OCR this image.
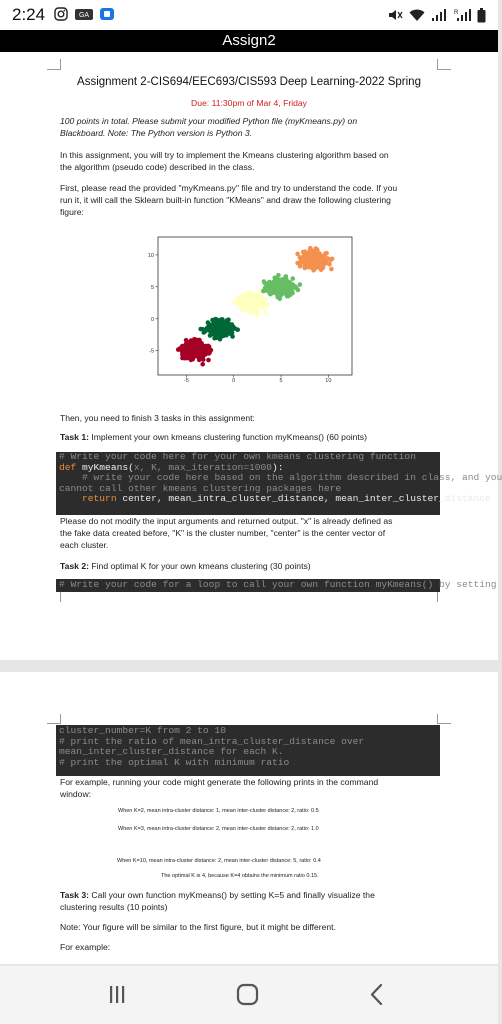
2:24	GA	R
Assign2
Assignment 2-CIS694/EEC693/CIS593 Deep Learning-2022 Spring
Due: 11:30pm of Mar 4, Friday
100 points in total. Please submit your modified Python file (myKmeans.py) on
Blackboard. Note: The Python version is Python 3.
In this assignment, you will try to implement the Kmeans clustering algorithm based on
the algorithm (pseudo code) described in the class.
First, please read the provided "myKmeans.py" file and try to understand the code. If you
run it, it will call the Sklearn built-in function "KMeans" and draw the following clustering
figure:
-5	0	5	10
10
5
0
-5
Then, you need to finish 3 tasks in this assignment:
Task 1: Implement your own kmeans clustering function myKmeans() (60 points)
# Write your code here for your own kmeans clustering function
def myKmeans(x, K, max_iteration=1000):
# write your code here based on the algorithm described in class, and you
cannot call other kmeans clustering packages here
return center, mean_intra_cluster_distance, mean_inter_cluster_distance
Please do not modify the input arguments and returned output. "x" is already defined as
the fake data created before, "K" is the cluster number, "center" is the center vector of
each cluster.
Task 2: Find optimal K for your own kmeans clustering (30 points)
# Write your code for a loop to call your own function myKmeans() by setting
cluster_number=K from 2 to 10
# print the ratio of mean_intra_cluster_distance over
mean_inter_cluster_distance for each K.
# print the optimal K with minimum ratio
For example, running your code might generate the following prints in the command
window:
When K=2, mean intra-cluster distance: 1, mean inter-cluster distance: 2, ratio: 0.5
When K=3, mean intra-cluster distance: 2, mean inter-cluster distance: 2, ratio: 1.0
When K=10, mean intra-cluster distance: 2, mean inter-cluster distance: 5, ratio: 0.4
The optimal K is 4, because K=4 obtains the minimum ratio 0.15.
Task 3: Call your own function myKmeans() by setting K=5 and finally visualize the
clustering results (10 points)
Note: Your figure will be similar to the first figure, but it might be different.
For example:
